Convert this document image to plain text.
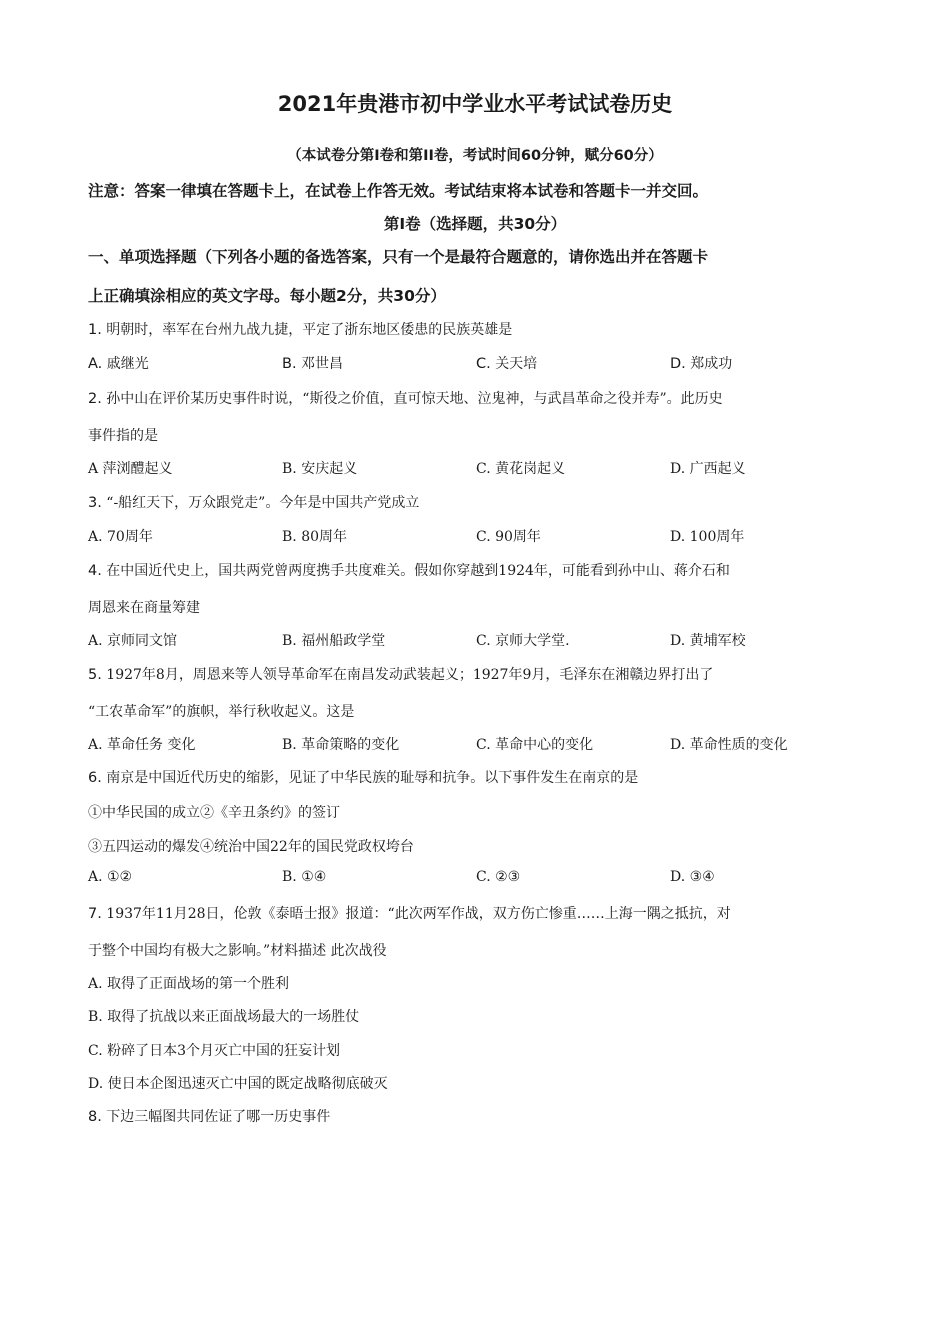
2021年贵港市初中学业水平考试试卷历史
（本试卷分第Ⅰ卷和第II卷，考试时间60分钟，赋分60分）
注意：答案一律填在答题卡上，在试卷上作答无效。考试结束将本试卷和答题卡一并交回。
第Ⅰ卷（选择题，共30分）
一、单项选择题（下列各小题的备选答案，只有一个是最符合题意的，请你选出并在答题卡
上正确填涂相应的英文字母。每小题2分，共30分）
1. 明朝时，率军在台州九战九捷，平定了浙东地区倭患的民族英雄是
A. 戚继光	B. 邓世昌	C. 关天培	D. 郑成功
2. 孙中山在评价某历史事件时说，“斯役之价值，直可惊天地、泣鬼神，与武昌革命之役并寿”。此历史
事件指的是
A 萍浏醴起义	B. 安庆起义	C. 黄花岗起义	D. 广西起义
3. “-船红天下，万众跟党走”。今年是中国共产党成立
A. 70周年	B. 80周年	C. 90周年	D. 100周年
4. 在中国近代史上，国共两党曾两度携手共度难关。假如你穿越到1924年，可能看到孙中山、蒋介石和
周恩来在商量筹建
A. 京师同文馆	B. 福州船政学堂	C. 京师大学堂.	D. 黄埔军校
5. 1927年8月，周恩来等人领导革命军在南昌发动武装起义；1927年9月，毛泽东在湘赣边界打出了
“工农革命军”的旗帜，举行秋收起义。这是
A. 革命任务 变化	B. 革命策略的变化	C. 革命中心的变化	D. 革命性质的变化
6. 南京是中国近代历史的缩影，见证了中华民族的耻辱和抗争。以下事件发生在南京的是
①中华民国的成立②《辛丑条约》的签订
③五四运动的爆发④统治中国22年的国民党政权垮台
A. ①②	B. ①④	C. ②③	D. ③④
7. 1937年11月28日，伦敦《泰晤士报》报道：“此次两军作战，双方伤亡惨重……上海一隅之抵抗，对
于整个中国均有极大之影响。”材料描述 此次战役
A. 取得了正面战场的第一个胜利
B. 取得了抗战以来正面战场最大的一场胜仗
C. 粉碎了日本3个月灭亡中国的狂妄计划
D. 使日本企图迅速灭亡中国的既定战略彻底破灭
8. 下边三幅图共同佐证了哪一历史事件
